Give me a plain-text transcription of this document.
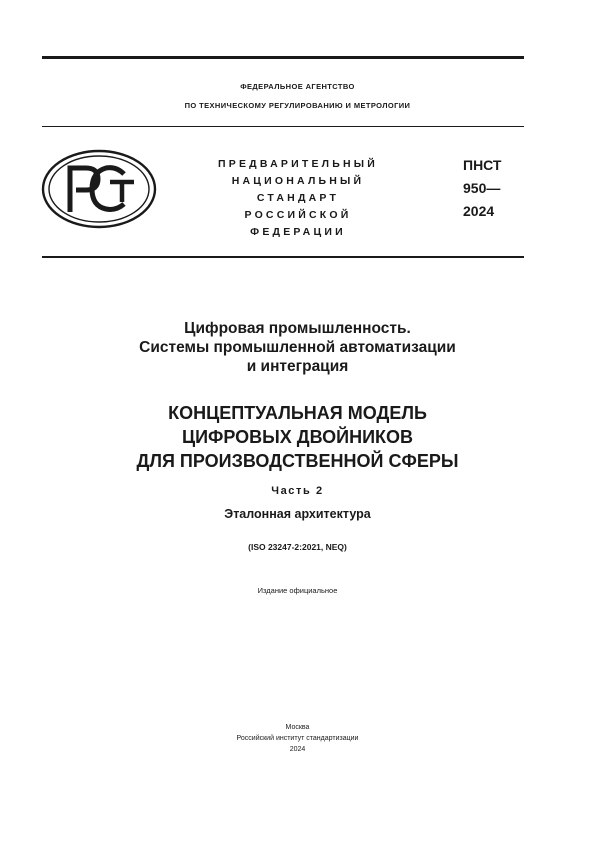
ФЕДЕРАЛЬНОЕ АГЕНТСТВО
ПО ТЕХНИЧЕСКОМУ РЕГУЛИРОВАНИЮ И МЕТРОЛОГИИ
ПРЕДВАРИТЕЛЬНЫЙ
НАЦИОНАЛЬНЫЙ
СТАНДАРТ
РОССИЙСКОЙ
ФЕДЕРАЦИИ
ПНСТ
950—
2024
Цифровая промышленность.
Системы промышленной автоматизации
и интеграция
КОНЦЕПТУАЛЬНАЯ МОДЕЛЬ
ЦИФРОВЫХ ДВОЙНИКОВ
ДЛЯ ПРОИЗВОДСТВЕННОЙ СФЕРЫ
Часть 2
Эталонная архитектура
(ISO 23247-2:2021, NEQ)
Издание официальное
Москва
Российский институт стандартизации
2024
